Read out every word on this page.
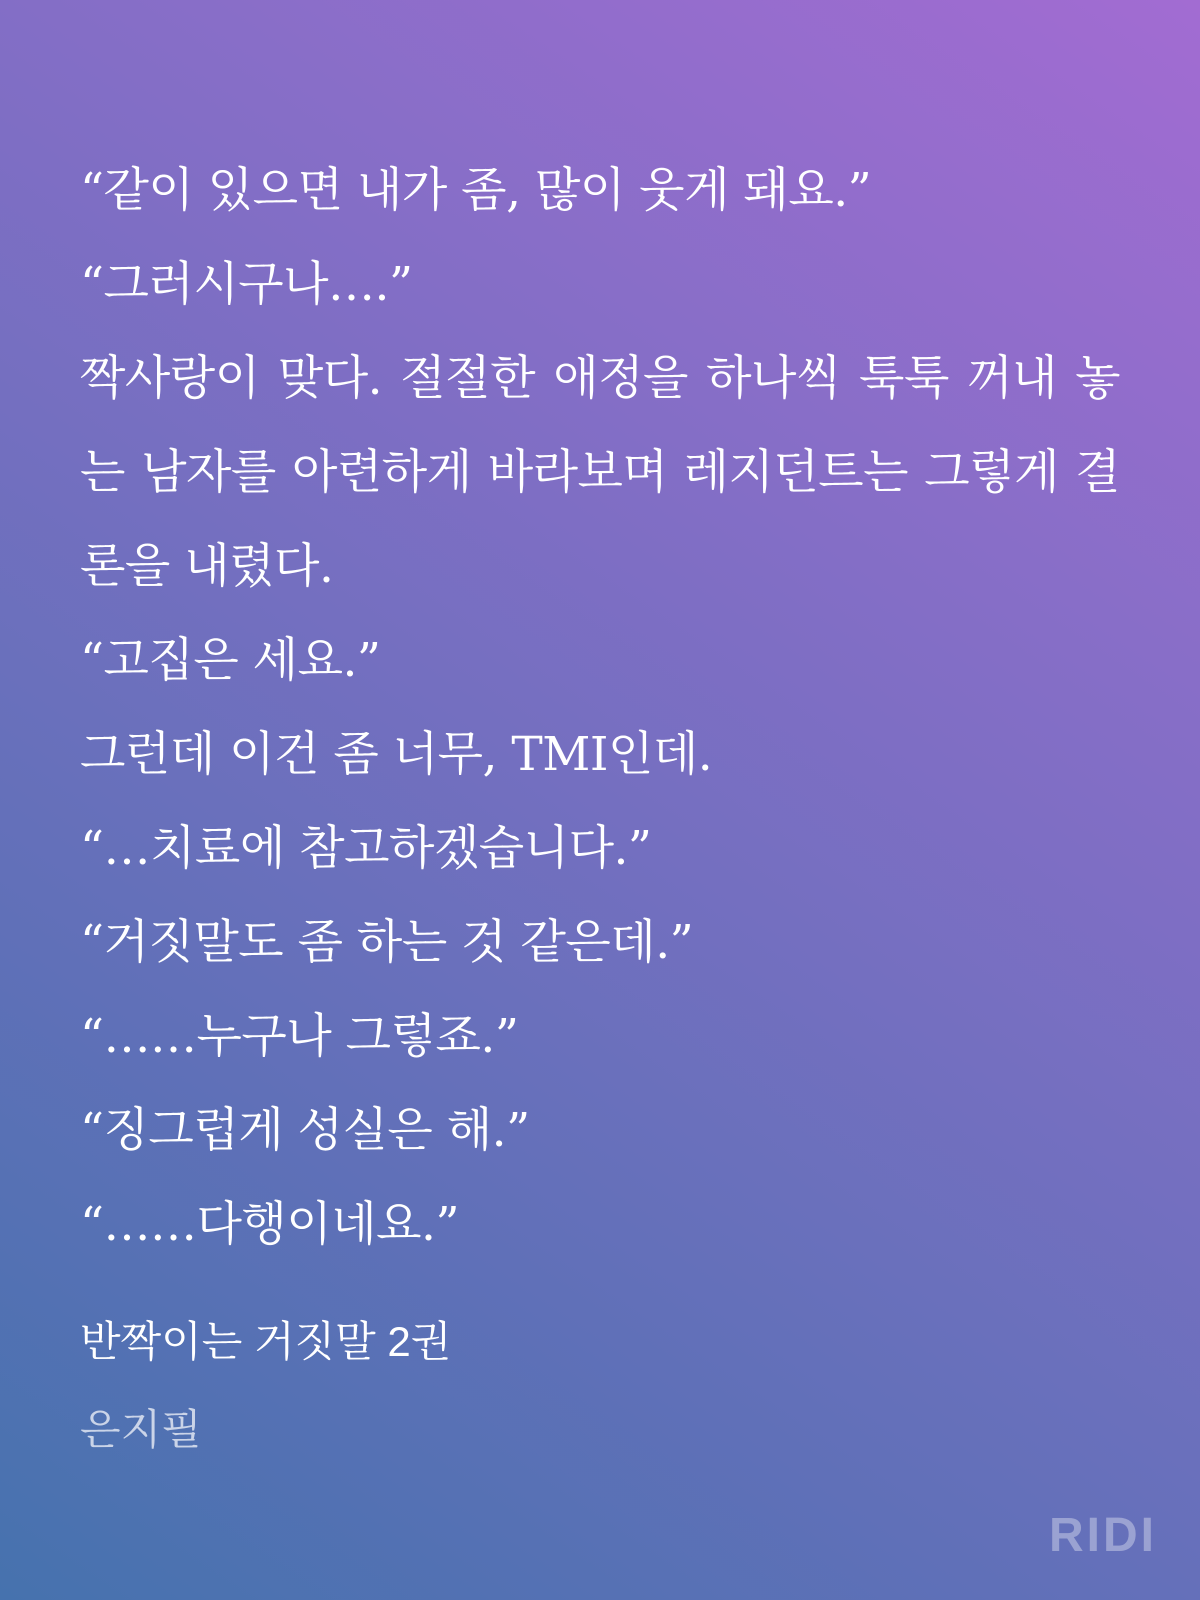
“같이 있으면 내가 좀, 많이 웃게 돼요.”

“그러시구나….”

짝사랑이 맞다. 절절한 애정을 하나씩 툭툭 꺼내 놓는 남자를 아련하게 바라보며 레지던트는 그렇게 결론을 내렸다.

“고집은 세요.”

그런데 이건 좀 너무, TMI인데.

“…치료에 참고하겠습니다.”

“거짓말도 좀 하는 것 같은데.”

“……누구나 그렇죠.”

“징그럽게 성실은 해.”

“……다행이네요.”

반짝이는 거짓말 2권
은지필
RIDI
